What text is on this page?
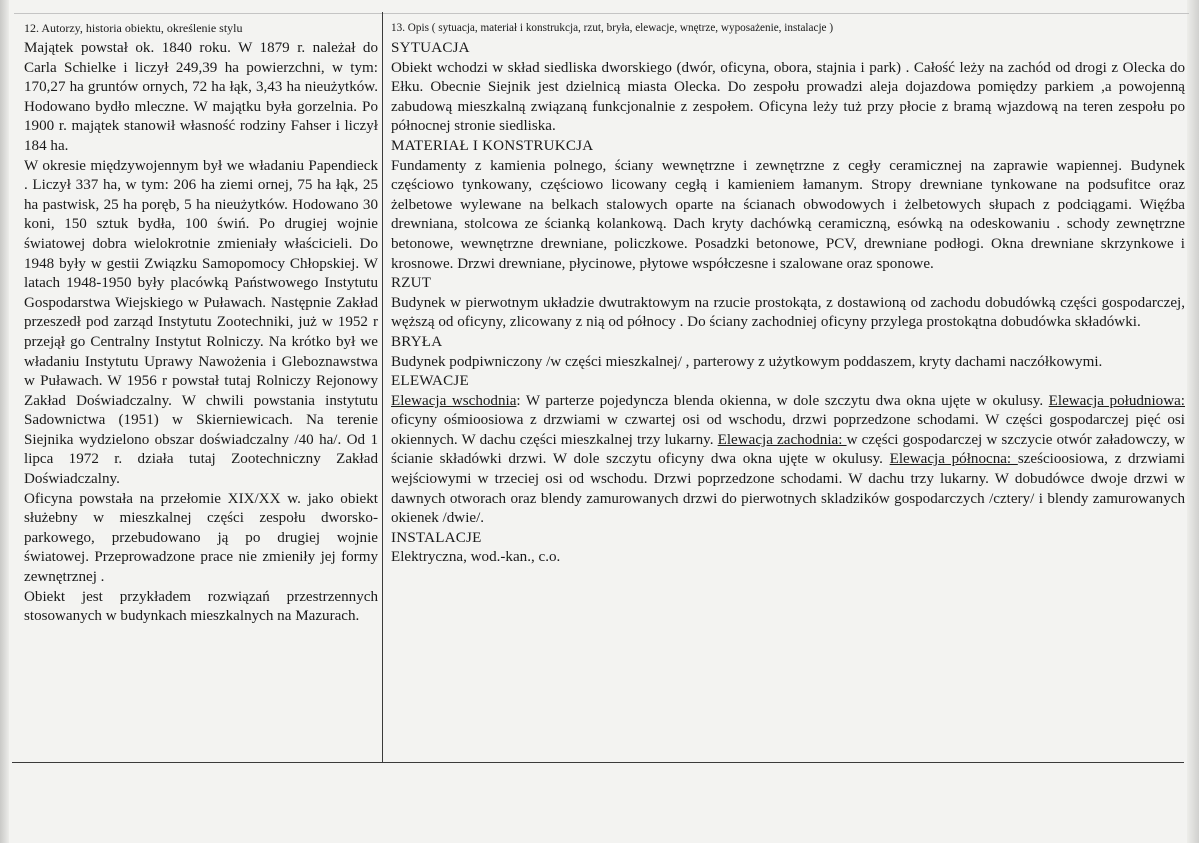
12. Autorzy, historia obiektu, określenie stylu

Majątek powstał ok. 1840 roku. W 1879 r. należał do Carla Schielke i liczył 249,39 ha powierzchni, w tym: 170,27 ha gruntów ornych, 72 ha łąk, 3,43 ha nieużytków. Hodowano bydło mleczne. W majątku była gorzelnia. Po 1900 r. majątek stanowił własność rodziny Fahser i liczył 184 ha.

W okresie międzywojennym był we władaniu Papendieck . Liczył 337 ha, w tym: 206 ha ziemi ornej, 75 ha łąk, 25 ha pastwisk, 25 ha poręb, 5 ha nieużytków. Hodowano 30 koni, 150 sztuk bydła, 100 świń. Po drugiej wojnie światowej dobra wielokrotnie zmieniały właścicieli. Do 1948 były w gestii Związku Samopomocy Chłopskiej. W latach 1948-1950 były placówką Państwowego Instytutu Gospodarstwa Wiejskiego w Puławach. Następnie Zakład przeszedł pod zarząd Instytutu Zootechniki, już w 1952 r przejął go Centralny Instytut Rolniczy. Na krótko był we władaniu Instytutu Uprawy Nawożenia i Gleboznawstwa w Puławach. W 1956 r powstał tutaj Rolniczy Rejonowy Zakład Doświadczalny. W chwili powstania instytutu Sadownictwa (1951) w Skierniewicach. Na terenie Siejnika wydzielono obszar doświadczalny /40 ha/. Od 1 lipca 1972 r. działa tutaj Zootechniczny Zakład Doświadczalny.

Oficyna powstała na przełomie XIX/XX w. jako obiekt służebny w mieszkalnej części zespołu dworsko-parkowego, przebudowano ją po drugiej wojnie światowej. Przeprowadzone prace nie zmieniły jej formy zewnętrznej .

Obiekt jest przykładem rozwiązań przestrzennych stosowanych w budynkach mieszkalnych na Mazurach.

13. Opis ( sytuacja, materiał i konstrukcja, rzut, bryła, elewacje, wnętrze, wyposażenie, instalacje )

SYTUACJA

Obiekt wchodzi w skład siedliska dworskiego (dwór, oficyna, obora, stajnia i park) . Całość leży na zachód od drogi z Olecka do Ełku. Obecnie Siejnik jest dzielnicą miasta Olecka. Do zespołu prowadzi aleja dojazdowa pomiędzy parkiem ,a powojenną zabudową mieszkalną związaną funkcjonalnie z zespołem. Oficyna leży tuż przy płocie z bramą wjazdową na teren zespołu po północnej stronie siedliska.

MATERIAŁ I KONSTRUKCJA

Fundamenty z kamienia polnego, ściany wewnętrzne i zewnętrzne z cegły ceramicznej na zaprawie wapiennej. Budynek częściowo tynkowany, częściowo licowany cegłą i kamieniem łamanym. Stropy drewniane tynkowane na podsufitce oraz żelbetowe wylewane na belkach stalowych oparte na ścianach obwodowych i żelbetowych słupach z podciągami. Więźba drewniana, stolcowa ze ścianką kolankową. Dach kryty dachówką ceramiczną, esówką na odeskowaniu . schody zewnętrzne betonowe, wewnętrzne drewniane, policzkowe. Posadzki betonowe, PCV, drewniane podłogi. Okna drewniane skrzynkowe i krosnowe. Drzwi drewniane, płycinowe, płytowe współczesne i szalowane oraz sponowe.

RZUT

Budynek w pierwotnym układzie dwutraktowym na rzucie prostokąta, z dostawioną od zachodu dobudówką części gospodarczej, węższą od oficyny, zlicowany z nią od północy . Do ściany zachodniej oficyny przylega prostokątna dobudówka składówki.

BRYŁA

Budynek podpiwniczony /w części mieszkalnej/ , parterowy z użytkowym poddaszem, kryty dachami naczółkowymi.

ELEWACJE

Elewacja wschodnia: W parterze pojedyncza blenda okienna, w dole szczytu dwa okna ujęte w okulusy. Elewacja południowa: oficyny ośmioosiowa z drzwiami w czwartej osi od wschodu, drzwi poprzedzone schodami. W części gospodarczej pięć osi okiennych. W dachu części mieszkalnej trzy lukarny. Elewacja zachodnia: w części gospodarczej w szczycie otwór załadowczy, w ścianie składówki drzwi. W dole szczytu oficyny dwa okna ujęte w okulusy. Elewacja północna: sześcioosiowa, z drzwiami wejściowymi w trzeciej osi od wschodu. Drzwi poprzedzone schodami. W dachu trzy lukarny. W dobudówce dwoje drzwi w dawnych otworach oraz blendy zamurowanych drzwi do pierwotnych skladzików gospodarczych /cztery/ i blendy zamurowanych okienek /dwie/.

INSTALACJE

Elektryczna, wod.-kan., c.o.
